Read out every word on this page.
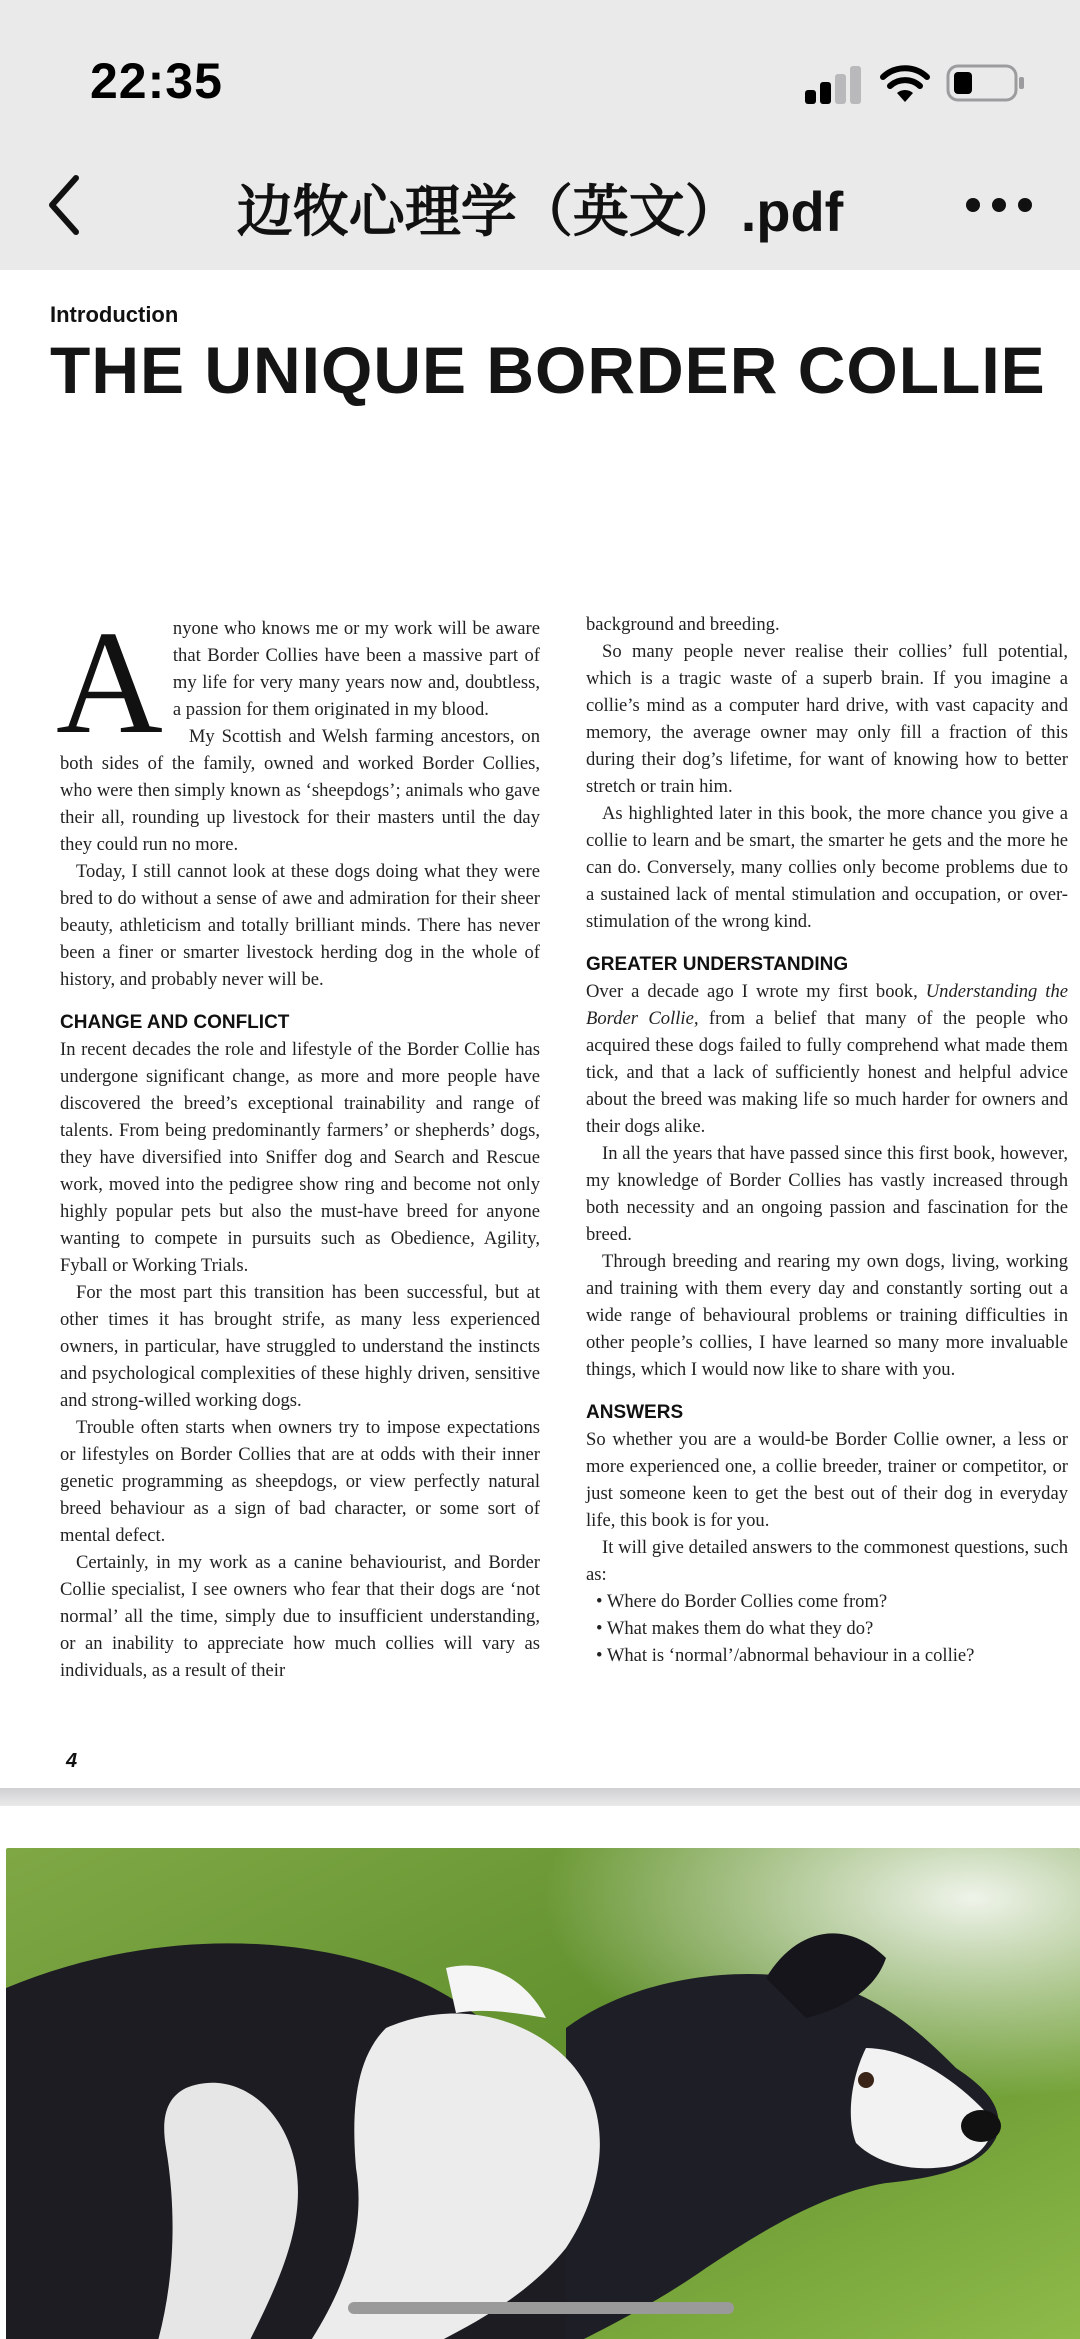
22:35
边牧心理学（英文）.pdf
Introduction
THE UNIQUE BORDER COLLIE

Anyone who knows me or my work will be aware that Border Collies have been a massive part of my life for very many years now and, doubtless, a passion for them originated in my blood.

My Scottish and Welsh farming ancestors, on both sides of the family, owned and worked Border Collies, who were then simply known as ‘sheepdogs’; animals who gave their all, rounding up livestock for their masters until the day they could run no more.

Today, I still cannot look at these dogs doing what they were bred to do without a sense of awe and admiration for their sheer beauty, athleticism and totally brilliant minds. There has never been a finer or smarter livestock herding dog in the whole of history, and probably never will be.

CHANGE AND CONFLICT

In recent decades the role and lifestyle of the Border Collie has undergone significant change, as more and more people have discovered the breed’s exceptional trainability and range of talents. From being predominantly farmers’ or shepherds’ dogs, they have diversified into Sniffer dog and Search and Rescue work, moved into the pedigree show ring and become not only highly popular pets but also the must-have breed for anyone wanting to compete in pursuits such as Obedience, Agility, Fyball or Working Trials.

For the most part this transition has been successful, but at other times it has brought strife, as many less experienced owners, in particular, have struggled to understand the instincts and psychological complexities of these highly driven, sensitive and strong-willed working dogs.

Trouble often starts when owners try to impose expectations or lifestyles on Border Collies that are at odds with their inner genetic programming as sheepdogs, or view perfectly natural breed behaviour as a sign of bad character, or some sort of mental defect.

Certainly, in my work as a canine behaviourist, and Border Collie specialist, I see owners who fear that their dogs are ‘not normal’ all the time, simply due to insufficient understanding, or an inability to appreciate how much collies will vary as individuals, as a result of their

background and breeding.

So many people never realise their collies’ full potential, which is a tragic waste of a superb brain. If you imagine a collie’s mind as a computer hard drive, with vast capacity and memory, the average owner may only fill a fraction of this during their dog’s lifetime, for want of knowing how to better stretch or train him.

As highlighted later in this book, the more chance you give a collie to learn and be smart, the smarter he gets and the more he can do. Conversely, many collies only become problems due to a sustained lack of mental stimulation and occupation, or over-stimulation of the wrong kind.

GREATER UNDERSTANDING

Over a decade ago I wrote my first book, Understanding the Border Collie, from a belief that many of the people who acquired these dogs failed to fully comprehend what made them tick, and that a lack of sufficiently honest and helpful advice about the breed was making life so much harder for owners and their dogs alike.

In all the years that have passed since this first book, however, my knowledge of Border Collies has vastly increased through both necessity and an ongoing passion and fascination for the breed.

Through breeding and rearing my own dogs, living, working and training with them every day and constantly sorting out a wide range of behavioural problems or training difficulties in other people’s collies, I have learned so many more invaluable things, which I would now like to share with you.

ANSWERS

So whether you are a would-be Border Collie owner, a less or more experienced one, a collie breeder, trainer or competitor, or just someone keen to get the best out of their dog in everyday life, this book is for you.

It will give detailed answers to the commonest questions, such as:

• Where do Border Collies come from?
• What makes them do what they do?
• What is ‘normal’/abnormal behaviour in a collie?
4
